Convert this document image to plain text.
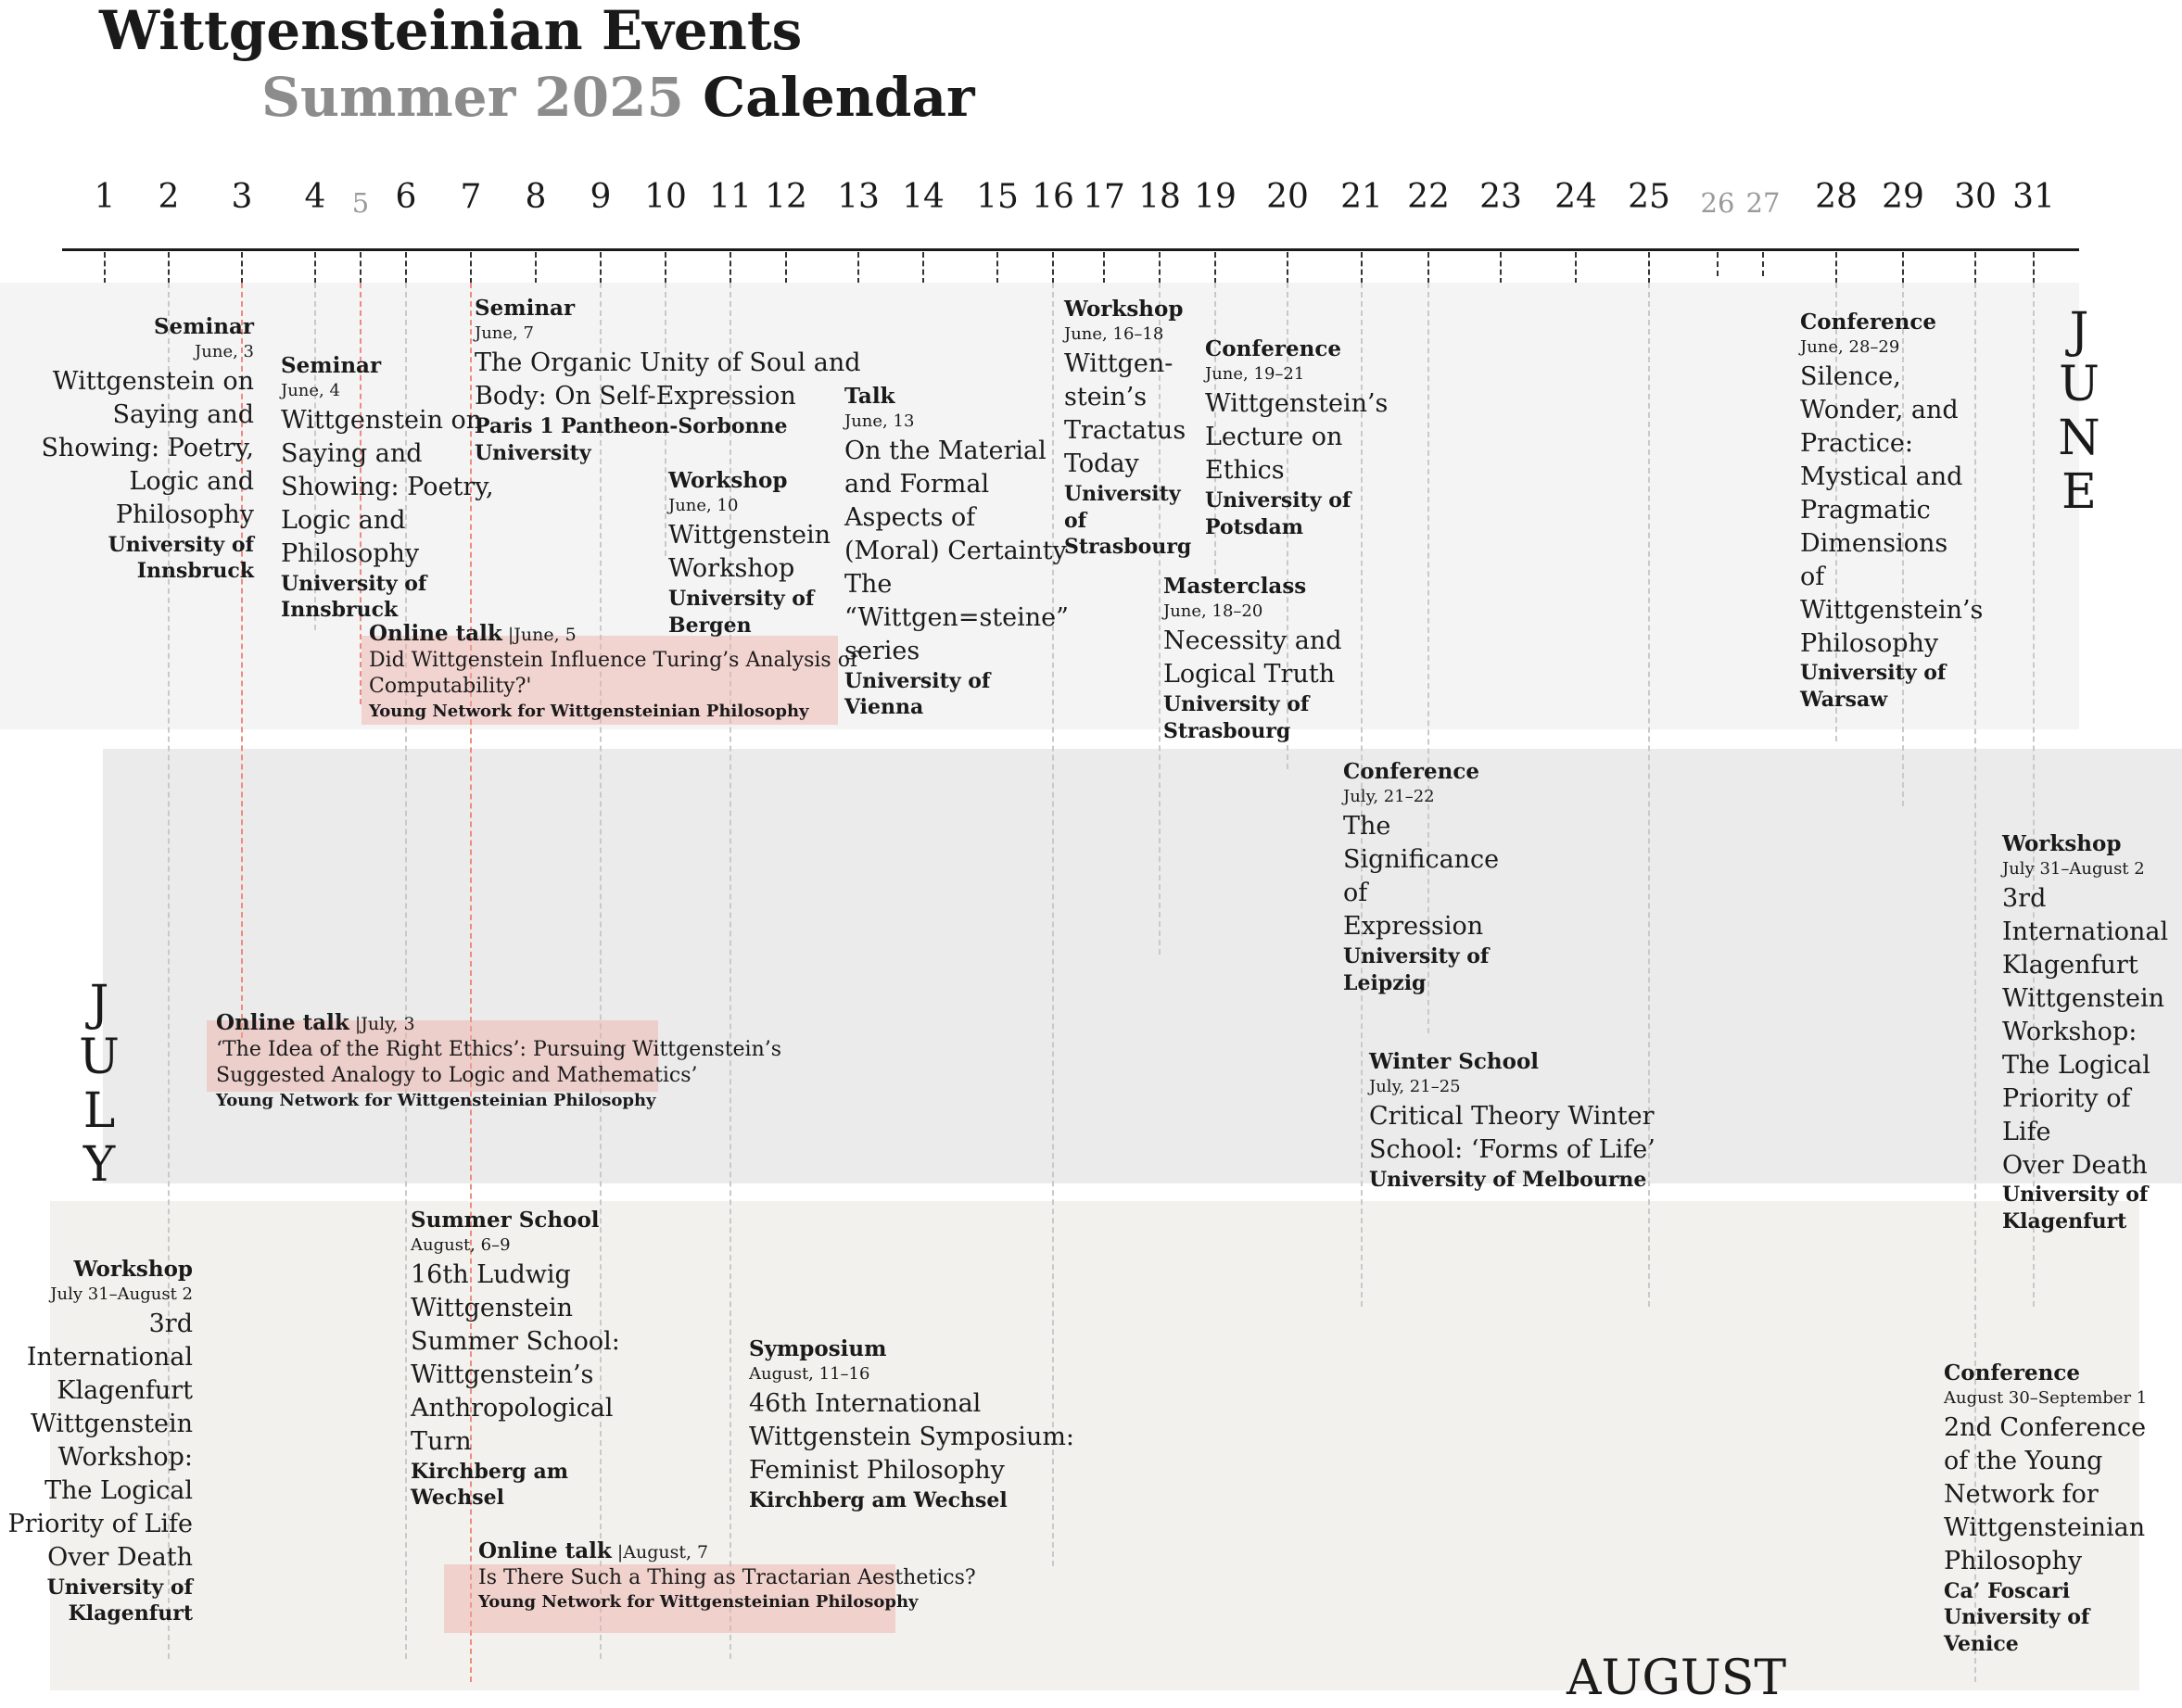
Wittgensteinian Events
Summer 2025 Calendar
1 2 3 4 5 6 7 8 9 10 11 12 13 14 15 16 17 18 19 20 21 22 23 24 25 26 27 28 29 30 31
J
U
N
E
J
U
L
Y
AUGUST
Seminar
June, 3
Wittgenstein on
Saying and
Showing: Poetry,
Logic and
Philosophy
University of
Innsbruck
Seminar
June, 4
Wittgenstein on
Saying and
Showing: Poetry,
Logic and
Philosophy
University of
Innsbruck
Seminar
June, 7
The Organic Unity of Soul and
Body: On Self-Expression
Paris 1 Pantheon-Sorbonne
University
Workshop
June, 10
Wittgenstein
Workshop
University of
Bergen
Talk
June, 13
On the Material
and Formal
Aspects of
(Moral) Certainty
The
“Wittgen=steine”
series
University of
Vienna
Workshop
June, 16–18
Wittgen-
stein’s
Tractatus
Today
University
of
Strasbourg
Conference
June, 19–21
Wittgenstein’s
Lecture on
Ethics
University of
Potsdam
Masterclass
June, 18–20
Necessity and
Logical Truth
University of
Strasbourg
Conference
June, 28–29
Silence,
Wonder, and
Practice:
Mystical and
Pragmatic
Dimensions
of
Wittgenstein’s
Philosophy
University of
Warsaw
Conference
July, 21–22
The
Significance
of
Expression
University of
Leipzig
Winter School
July, 21–25
Critical Theory Winter
School: ‘Forms of Life’
University of Melbourne
Workshop
July 31–August 2
3rd
International
Klagenfurt
Wittgenstein
Workshop:
The Logical
Priority of Life
Over Death
University of
Klagenfurt
Summer School
August, 6–9
16th Ludwig
Wittgenstein
Summer School:
Wittgenstein’s
Anthropological
Turn
Kirchberg am
Wechsel
Symposium
August, 11–16
46th International
Wittgenstein Symposium:
Feminist Philosophy
Kirchberg am Wechsel
Workshop
July 31–August 2
3rd
International
Klagenfurt
Wittgenstein
Workshop:
The Logical
Priority of Life
Over Death
University of
Klagenfurt
Conference
August 30–September 1
2nd Conference
of the Young
Network for
Wittgensteinian
Philosophy
Ca’ Foscari
University of
Venice
Online talk |June, 5
Did Wittgenstein Influence Turing’s Analysis of
Computability?'
Young Network for Wittgensteinian Philosophy
Online talk |July, 3
‘The Idea of the Right Ethics’: Pursuing Wittgenstein’s
Suggested Analogy to Logic and Mathematics’
Young Network for Wittgensteinian Philosophy
Online talk |August, 7
Is There Such a Thing as Tractarian Aesthetics?
Young Network for Wittgensteinian Philosophy
